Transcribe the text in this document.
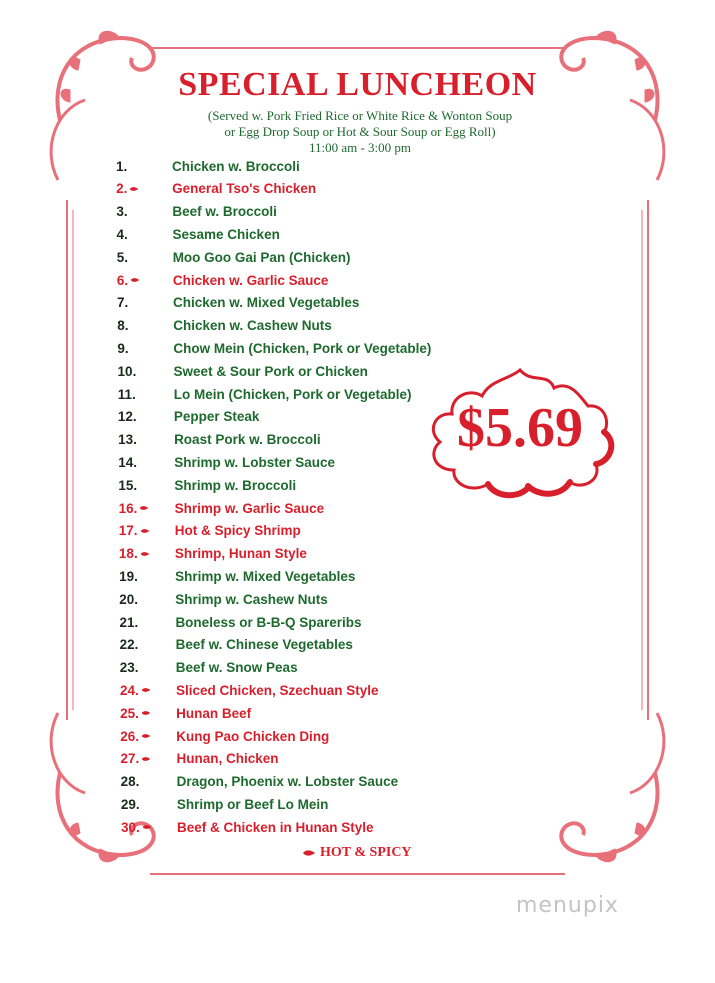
SPECIAL LUNCHEON
(Served w. Pork Fried Rice or White Rice & Wonton Soup
or Egg Drop Soup or Hot & Sour Soup or Egg Roll)
11:00 am - 3:00 pm
1.	Chicken w. Broccoli
2.	General Tso's Chicken
3.	Beef w. Broccoli
4.	Sesame Chicken
5.	Moo Goo Gai Pan (Chicken)
6.	Chicken w. Garlic Sauce
7.	Chicken w. Mixed Vegetables
8.	Chicken w. Cashew Nuts
9.	Chow Mein (Chicken, Pork or Vegetable)
10.	Sweet & Sour Pork or Chicken
11.	Lo Mein (Chicken, Pork or Vegetable)
12.	Pepper Steak
13.	Roast Pork w. Broccoli
14.	Shrimp w. Lobster Sauce
15.	Shrimp w. Broccoli
16.	Shrimp w. Garlic Sauce
17.	Hot & Spicy Shrimp
18.	Shrimp, Hunan Style
19.	Shrimp w. Mixed Vegetables
20.	Shrimp w. Cashew Nuts
21.	Boneless or B-B-Q Spareribs
22.	Beef w. Chinese Vegetables
23.	Beef w. Snow Peas
24.	Sliced Chicken, Szechuan Style
25.	Hunan Beef
26.	Kung Pao Chicken Ding
27.	Hunan, Chicken
28.	Dragon, Phoenix w. Lobster Sauce
29.	Shrimp or Beef Lo Mein
30.	Beef & Chicken in Hunan Style
$5.69
HOT & SPICY
menupix
